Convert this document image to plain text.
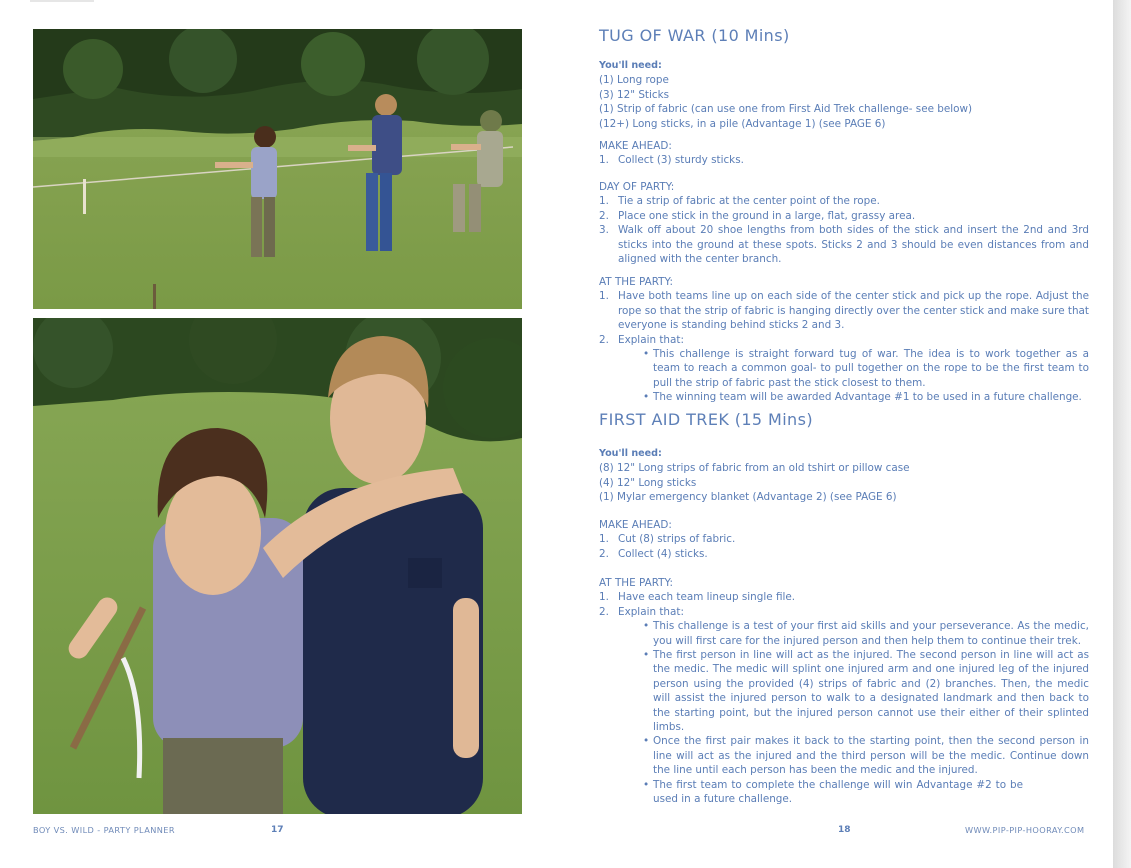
TUG OF WAR (10 Mins)

You'll need:

(1) Long rope

(3) 12" Sticks

(1) Strip of fabric (can use one from First Aid Trek challenge- see below)

(12+) Long sticks, in a pile (Advantage 1) (see PAGE 6)

MAKE AHEAD:

1. Collect (3) sturdy sticks.

DAY OF PARTY:

1. Tie a strip of fabric at the center point of the rope.
2. Place one stick in the ground in a large, flat, grassy area.
3. Walk off about 20 shoe lengths from both sides of the stick and insert the 2nd and 3rd sticks into the ground at these spots. Sticks 2 and 3 should be even distances from and aligned with the center branch.

AT THE PARTY:

1. Have both teams line up on each side of the center stick and pick up the rope. Adjust the rope so that the strip of fabric is hanging directly over the center stick and make sure that everyone is standing behind sticks 2 and 3.
2. Explain that:
• This challenge is straight forward tug of war. The idea is to work together as a team to reach a common goal- to pull together on the rope to be the first team to pull the strip of fabric past the stick closest to them.
• The winning team will be awarded Advantage #1 to be used in a future challenge.
FIRST AID TREK (15 Mins)

You'll need:

(8) 12" Long strips of fabric from an old tshirt or pillow case

(4) 12" Long sticks

(1) Mylar emergency blanket (Advantage 2) (see PAGE 6)

MAKE AHEAD:

1. Cut (8) strips of fabric.
2. Collect (4) sticks.

AT THE PARTY:

1. Have each team lineup single file.
2. Explain that:
• This challenge is a test of your first aid skills and your perseverance. As the medic, you will first care for the injured person and then help them to continue their trek.
• The first person in line will act as the injured. The second person in line will act as the medic. The medic will splint one injured arm and one injured leg of the injured person using the provided (4) strips of fabric and (2) branches. Then, the medic will assist the injured person to walk to a designated landmark and then back to the starting point, but the injured person cannot use their either of their splinted limbs.
• Once the first pair makes it back to the starting point, then the second person in line will act as the injured and the third person will be the medic. Continue down the line until each person has been the medic and the injured.
• The first team to complete the challenge will win Advantage #2 to be used in a future challenge.
BOY VS. WILD - PARTY PLANNER	17	18	WWW.PIP-PIP-HOORAY.COM
